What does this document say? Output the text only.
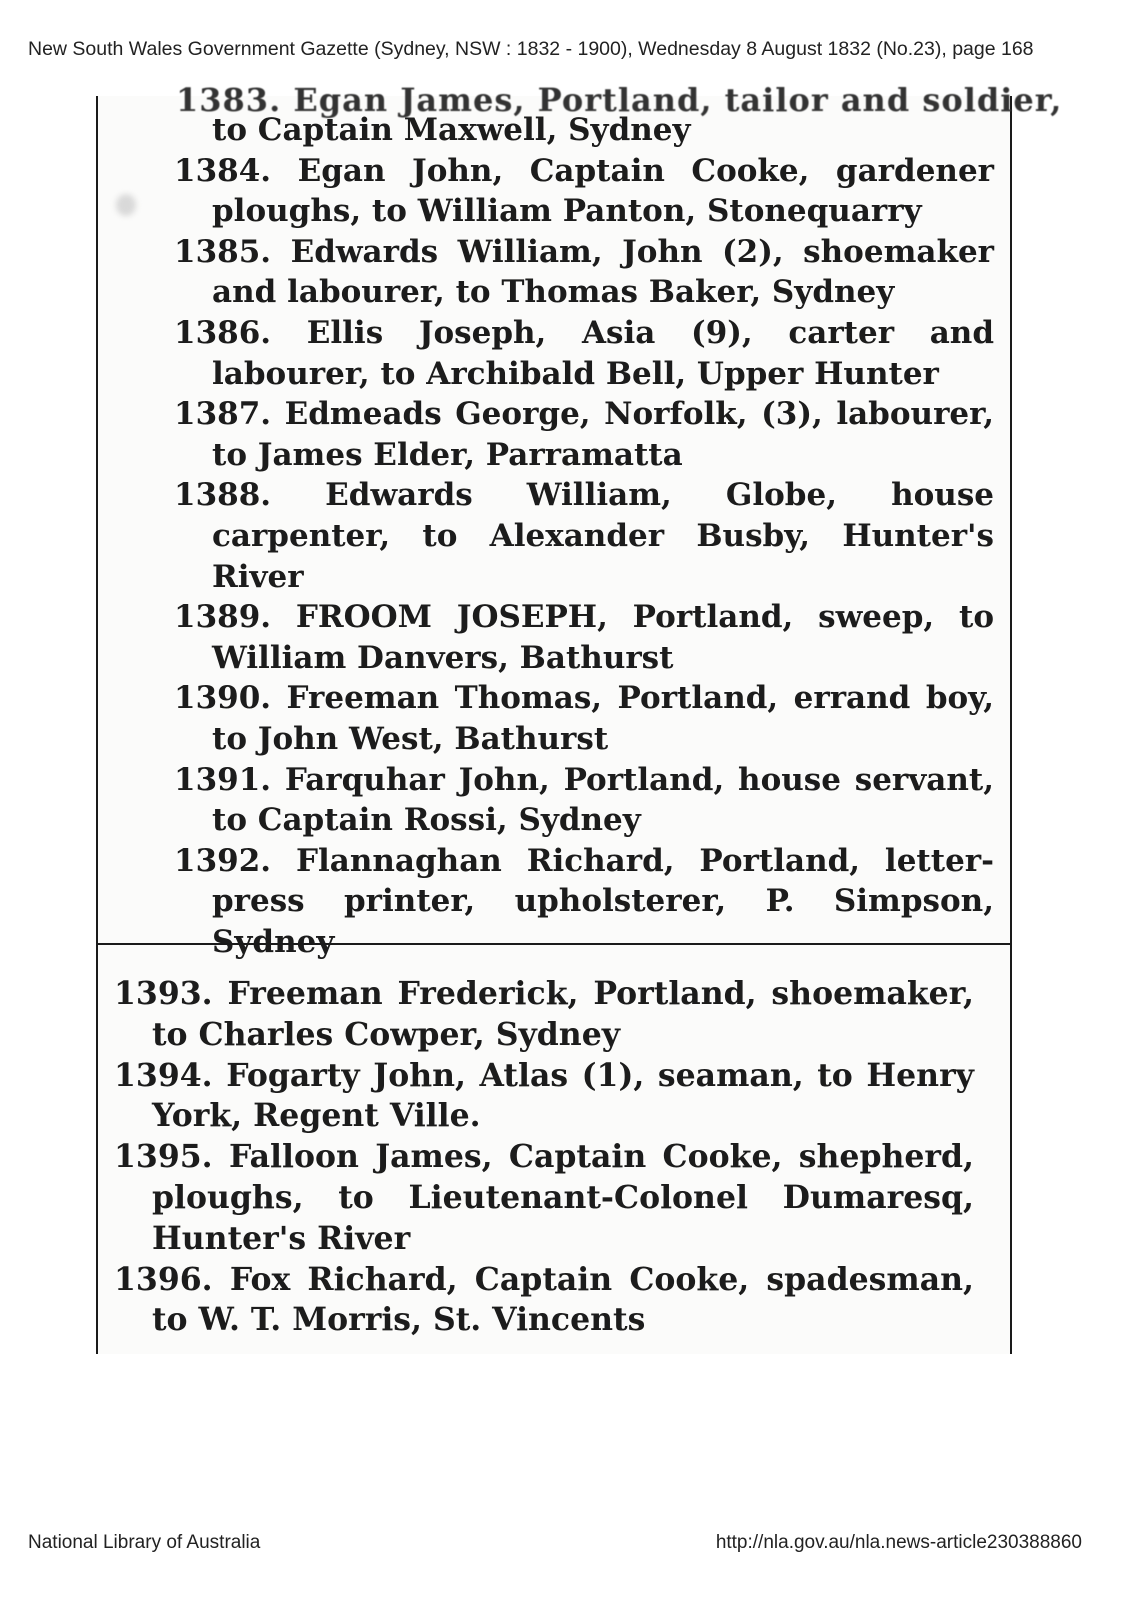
New South Wales Government Gazette (Sydney, NSW : 1832 - 1900), Wednesday 8 August 1832 (No.23), page 168
1383. Egan James, Portland, tailor and soldier,
to Captain Maxwell, Sydney
1384. Egan John, Captain Cooke, gardener ploughs, to William Panton, Stonequarry
1385. Edwards William, John (2), shoemaker and labourer, to Thomas Baker, Sydney
1386. Ellis Joseph, Asia (9), carter and labourer, to Archibald Bell, Upper Hunter
1387. Edmeads George, Norfolk, (3), labourer, to James Elder, Parramatta
1388. Edwards William, Globe, house carpenter, to Alexander Busby, Hunter's River
1389. FROOM JOSEPH, Portland, sweep, to William Danvers, Bathurst
1390. Freeman Thomas, Portland, errand boy, to John West, Bathurst
1391. Farquhar John, Portland, house servant, to Captain Rossi, Sydney
1392. Flannaghan Richard, Portland, letter-press printer, upholsterer, P. Simpson, Sydney
1393. Freeman Frederick, Portland, shoemaker, to Charles Cowper, Sydney
1394. Fogarty John, Atlas (1), seaman, to Henry York, Regent Ville.
1395. Falloon James, Captain Cooke, shepherd, ploughs, to Lieutenant-Colonel Dumaresq, Hunter's River
1396. Fox Richard, Captain Cooke, spadesman, to W. T. Morris, St. Vincents
National Library of Australia	http://nla.gov.au/nla.news-article230388860
